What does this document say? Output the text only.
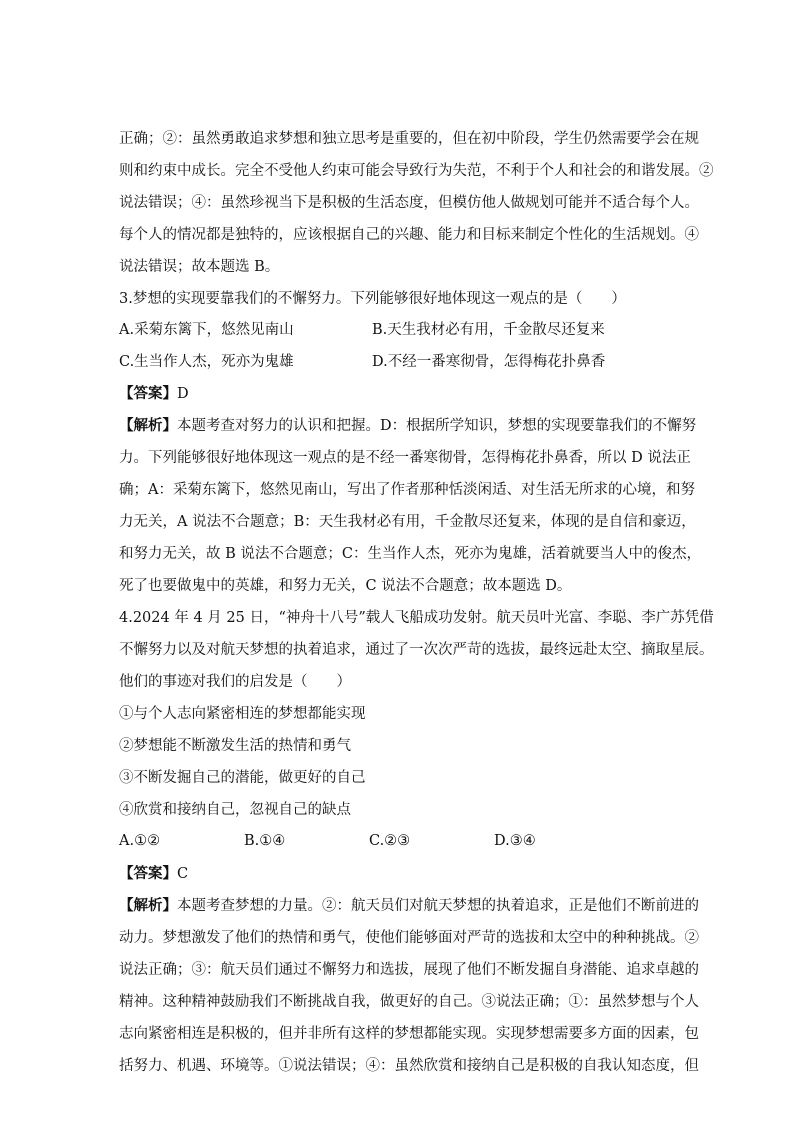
正确；②：虽然勇敢追求梦想和独立思考是重要的，但在初中阶段，学生仍然需要学会在规
则和约束中成长。完全不受他人约束可能会导致行为失范，不利于个人和社会的和谐发展。②
说法错误；④：虽然珍视当下是积极的生活态度，但模仿他人做规划可能并不适合每个人。
每个人的情况都是独特的，应该根据自己的兴趣、能力和目标来制定个性化的生活规划。④
说法错误；故本题选 B。
3.梦想的实现要靠我们的不懈努力。下列能够很好地体现这一观点的是（　　）
A.采菊东篱下，悠然见南山	B.天生我材必有用，千金散尽还复来
C.生当作人杰，死亦为鬼雄	D.不经一番寒彻骨，怎得梅花扑鼻香
【答案】D
【解析】本题考查对努力的认识和把握。D：根据所学知识，梦想的实现要靠我们的不懈努
力。下列能够很好地体现这一观点的是不经一番寒彻骨，怎得梅花扑鼻香，所以 D 说法正
确；A：采菊东篱下，悠然见南山，写出了作者那种恬淡闲适、对生活无所求的心境，和努
力无关，A 说法不合题意；B：天生我材必有用，千金散尽还复来，体现的是自信和豪迈，
和努力无关，故 B 说法不合题意；C：生当作人杰，死亦为鬼雄，活着就要当人中的俊杰，
死了也要做鬼中的英雄，和努力无关，C 说法不合题意；故本题选 D。
4.2024 年 4 月 25 日，“神舟十八号”载人飞船成功发射。航天员叶光富、李聪、李广苏凭借
不懈努力以及对航天梦想的执着追求，通过了一次次严苛的选拔，最终远赴太空、摘取星辰。
他们的事迹对我们的启发是（　　）
①与个人志向紧密相连的梦想都能实现
②梦想能不断激发生活的热情和勇气
③不断发掘自己的潜能，做更好的自己
④欣赏和接纳自己，忽视自己的缺点
A.①②	B.①④	C.②③	D.③④
【答案】C
【解析】本题考查梦想的力量。②：航天员们对航天梦想的执着追求，正是他们不断前进的
动力。梦想激发了他们的热情和勇气，使他们能够面对严苛的选拔和太空中的种种挑战。②
说法正确；③：航天员们通过不懈努力和选拔，展现了他们不断发掘自身潜能、追求卓越的
精神。这种精神鼓励我们不断挑战自我，做更好的自己。③说法正确；①：虽然梦想与个人
志向紧密相连是积极的，但并非所有这样的梦想都能实现。实现梦想需要多方面的因素，包
括努力、机遇、环境等。①说法错误；④：虽然欣赏和接纳自己是积极的自我认知态度，但
